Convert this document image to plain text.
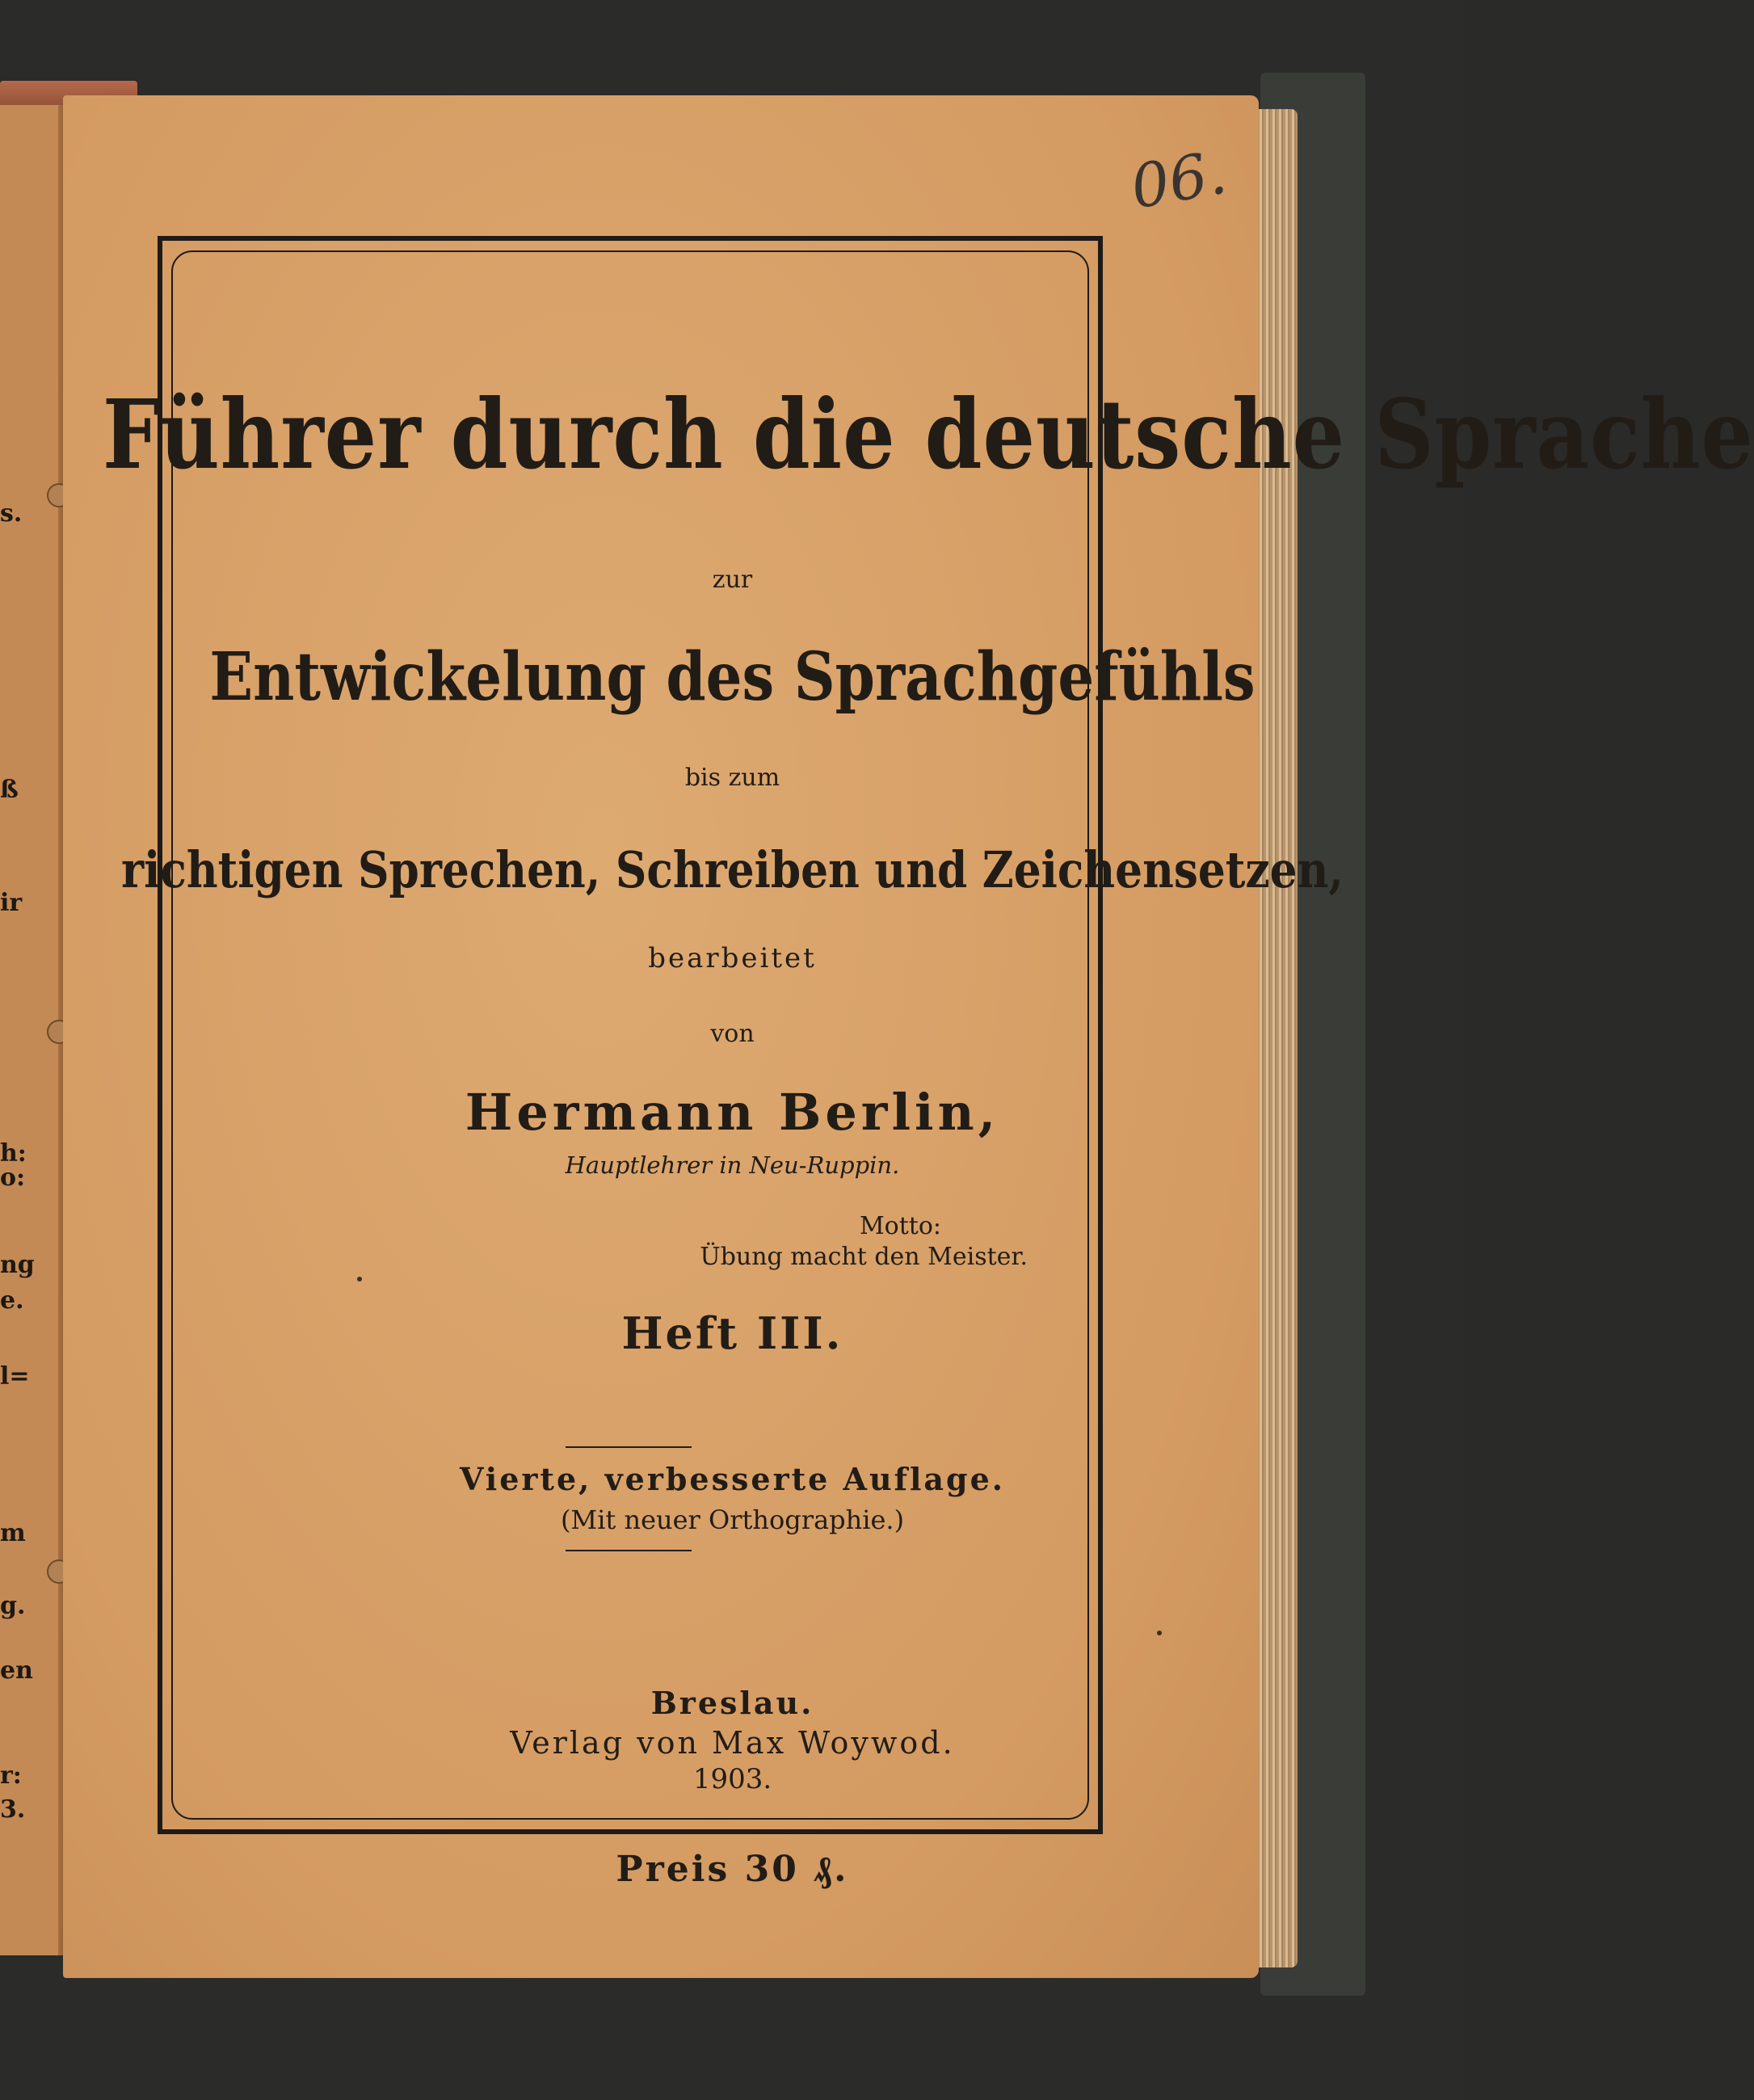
s.
ß
ir
h:
o:
ng
e.
l=
m
g.
en
r:
3.
06.
Führer durch die deutsche Sprache
zur
Entwickelung des Sprachgefühls
bis zum
richtigen Sprechen, Schreiben und Zeichensetzen,
bearbeitet
von
Hermann Berlin,
Hauptlehrer in Neu-Ruppin.
Motto:
Übung macht den Meister.
Heft III.
Vierte, verbesserte Auflage.
(Mit neuer Orthographie.)
Breslau.
Verlag von Max Woywod.
1903.
Preis 30 ₰.
